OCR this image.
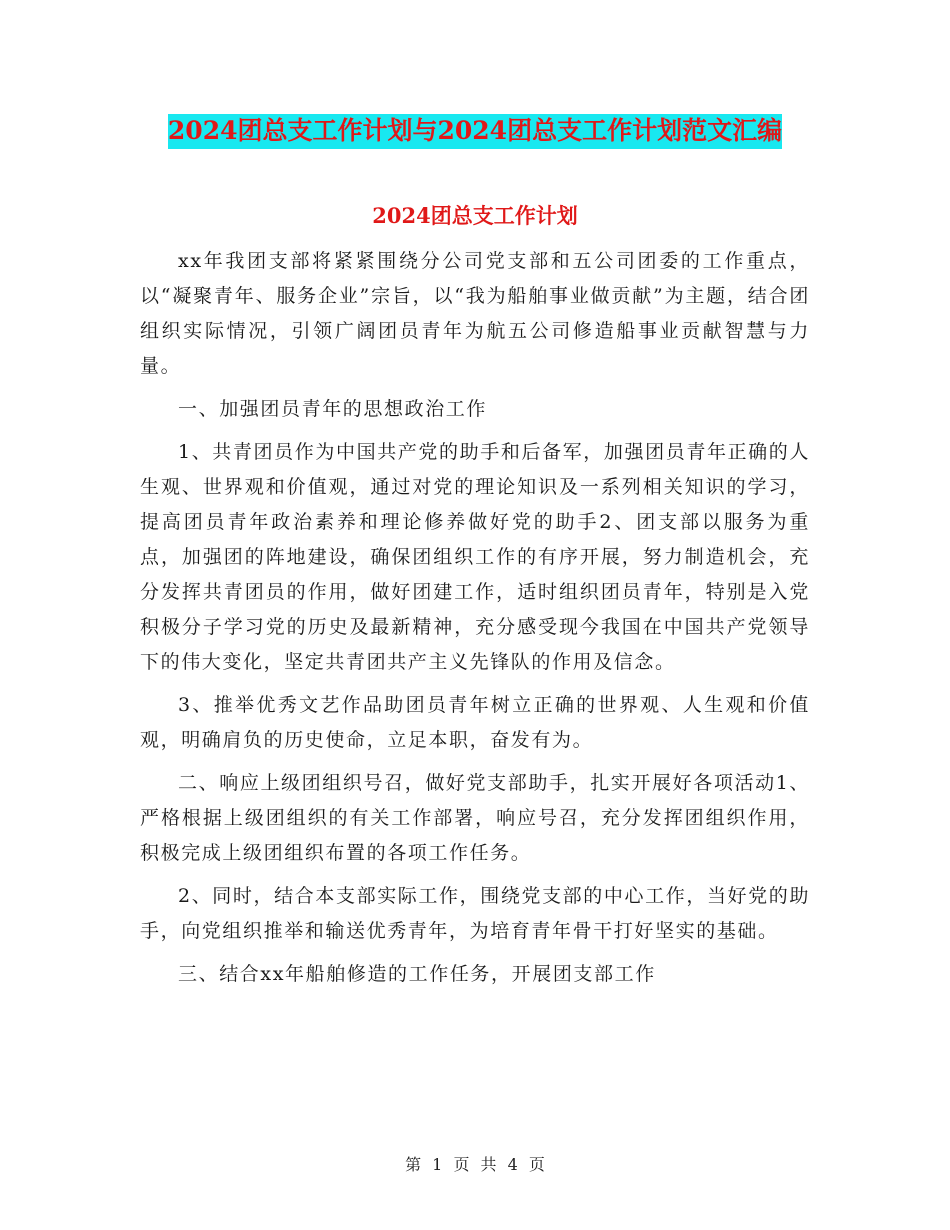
2024团总支工作计划与2024团总支工作计划范文汇编
2024团总支工作计划

xx年我团支部将紧紧围绕分公司党支部和五公司团委的工作重点，以“凝聚青年、服务企业”宗旨，以“我为船舶事业做贡献”为主题，结合团组织实际情况，引领广阔团员青年为航五公司修造船事业贡献智慧与力量。

一、加强团员青年的思想政治工作

1、共青团员作为中国共产党的助手和后备军，加强团员青年正确的人生观、世界观和价值观，通过对党的理论知识及一系列相关知识的学习，提高团员青年政治素养和理论修养做好党的助手2、团支部以服务为重点，加强团的阵地建设，确保团组织工作的有序开展，努力制造机会，充分发挥共青团员的作用，做好团建工作，适时组织团员青年，特别是入党积极分子学习党的历史及最新精神，充分感受现今我国在中国共产党领导下的伟大变化，坚定共青团共产主义先锋队的作用及信念。

3、推举优秀文艺作品助团员青年树立正确的世界观、人生观和价值观，明确肩负的历史使命，立足本职，奋发有为。

二、响应上级团组织号召，做好党支部助手，扎实开展好各项活动1、严格根据上级团组织的有关工作部署，响应号召，充分发挥团组织作用，积极完成上级团组织布置的各项工作任务。

2、同时，结合本支部实际工作，围绕党支部的中心工作，当好党的助手，向党组织推举和输送优秀青年，为培育青年骨干打好坚实的基础。

三、结合xx年船舶修造的工作任务，开展团支部工作

第 1 页 共 4 页
